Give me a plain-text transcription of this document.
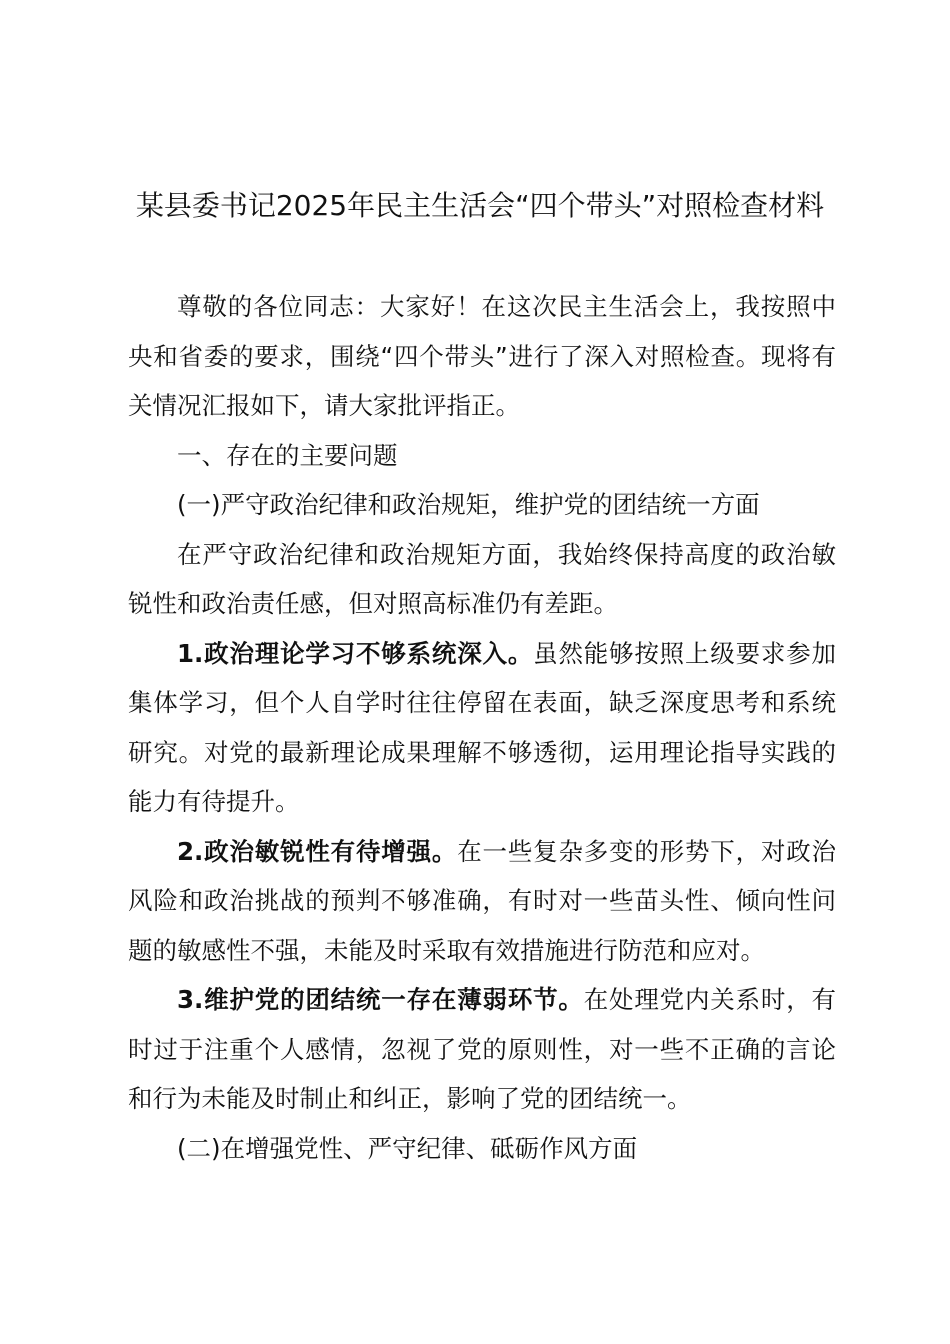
某县委书记2025年民主生活会“四个带头”对照检查材料

尊敬的各位同志：大家好！在这次民主生活会上，我按照中央和省委的要求，围绕“四个带头”进行了深入对照检查。现将有关情况汇报如下，请大家批评指正。

一、存在的主要问题

(一)严守政治纪律和政治规矩，维护党的团结统一方面

在严守政治纪律和政治规矩方面，我始终保持高度的政治敏锐性和政治责任感，但对照高标准仍有差距。

1.政治理论学习不够系统深入。虽然能够按照上级要求参加集体学习，但个人自学时往往停留在表面，缺乏深度思考和系统研究。对党的最新理论成果理解不够透彻，运用理论指导实践的能力有待提升。

2.政治敏锐性有待增强。在一些复杂多变的形势下，对政治风险和政治挑战的预判不够准确，有时对一些苗头性、倾向性问题的敏感性不强，未能及时采取有效措施进行防范和应对。

3.维护党的团结统一存在薄弱环节。在处理党内关系时，有时过于注重个人感情，忽视了党的原则性，对一些不正确的言论和行为未能及时制止和纠正，影响了党的团结统一。

(二)在增强党性、严守纪律、砥砺作风方面
